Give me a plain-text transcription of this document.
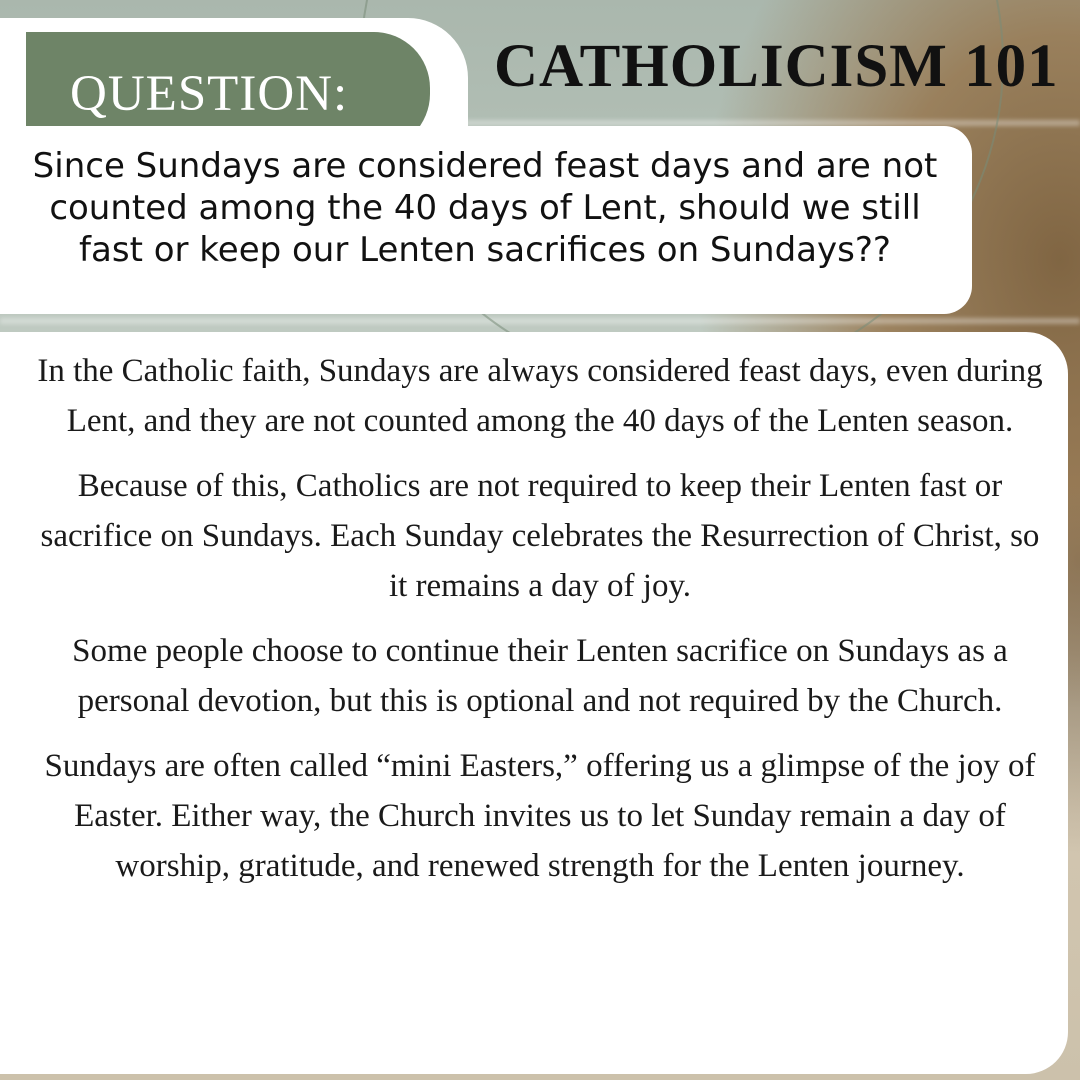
QUESTION: CATHOLICISM 101

Since Sundays are considered feast days and are not counted among the 40 days of Lent, should we still fast or keep our Lenten sacrifices on Sundays??

In the Catholic faith, Sundays are always considered feast days, even during Lent, and they are not counted among the 40 days of the Lenten season.

Because of this, Catholics are not required to keep their Lenten fast or sacrifice on Sundays. Each Sunday celebrates the Resurrection of Christ, so it remains a day of joy.

Some people choose to continue their Lenten sacrifice on Sundays as a personal devotion, but this is optional and not required by the Church.

Sundays are often called “mini Easters,” offering us a glimpse of the joy of Easter. Either way, the Church invites us to let Sunday remain a day of worship, gratitude, and renewed strength for the Lenten journey.
